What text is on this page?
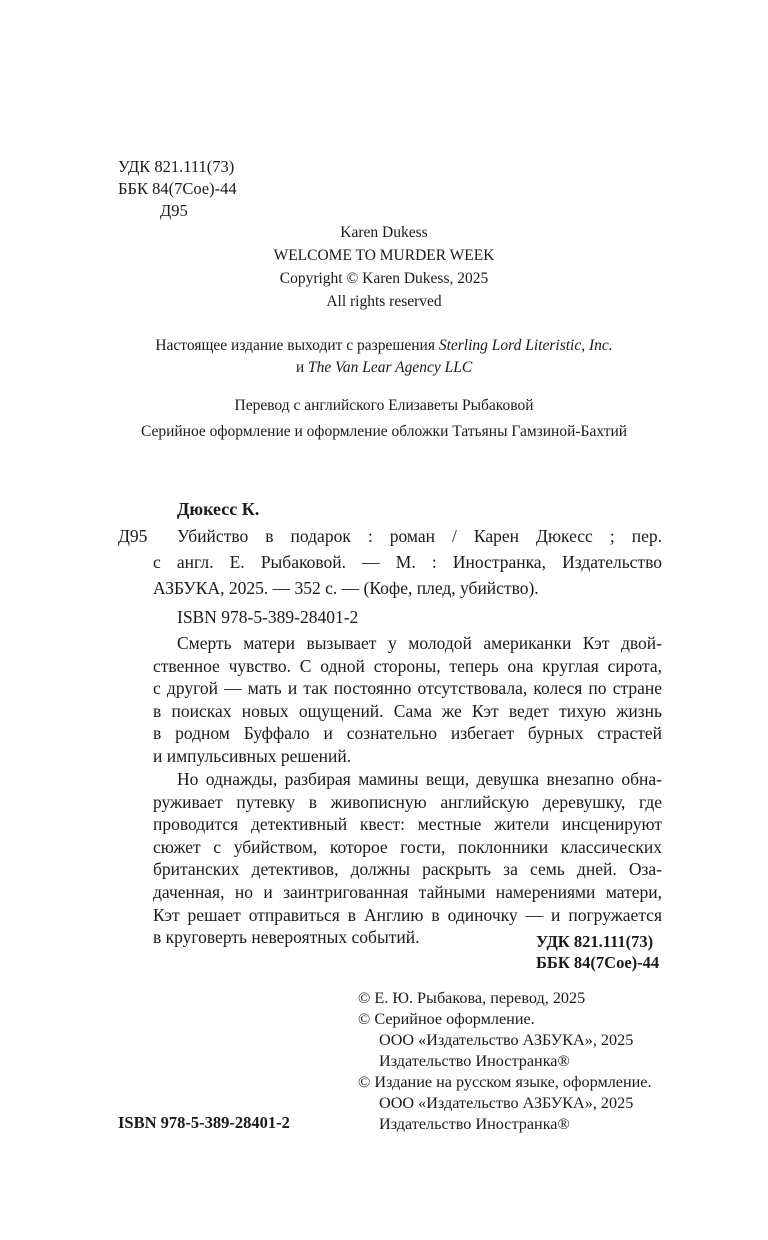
УДК 821.111(73)
ББК 84(7Сое)-44
Д95
Karen Dukess
WELCOME TO MURDER WEEK
Copyright © Karen Dukess, 2025
All rights reserved
Настоящее издание выходит с разрешения Sterling Lord Literistic, Inc.
и The Van Lear Agency LLC
Перевод с английского Елизаветы Рыбаковой
Серийное оформление и оформление обложки Татьяны Гамзиной-Бахтий
Дюкесс К.
Д95 Убийство в подарок : роман / Карен Дюкесс ; пер.
с англ. Е. Рыбаковой. — М. : Иностранка, Издательство
АЗБУКА, 2025. — 352 с. — (Кофе, плед, убийство).
ISBN 978-5-389-28401-2
Смерть матери вызывает у молодой американки Кэт двой-
ственное чувство. С одной стороны, теперь она круглая сирота,
с другой — мать и так постоянно отсутствовала, колеся по стране
в поисках новых ощущений. Сама же Кэт ведет тихую жизнь
в родном Буффало и сознательно избегает бурных страстей
и импульсивных решений.
Но однажды, разбирая мамины вещи, девушка внезапно обна-
руживает путевку в живописную английскую деревушку, где
проводится детективный квест: местные жители инсценируют
сюжет с убийством, которое гости, поклонники классических
британских детективов, должны раскрыть за семь дней. Оза-
даченная, но и заинтригованная тайными намерениями матери,
Кэт решает отправиться в Англию в одиночку — и погружается
в круговерть невероятных событий.	УДК 821.111(73)
ББК 84(7Сое)-44
© Е. Ю. Рыбакова, перевод, 2025
© Серийное оформление.
ООО «Издательство АЗБУКА», 2025
Издательство Иностранка®
© Издание на русском языке, оформление.
ООО «Издательство АЗБУКА», 2025
Издательство Иностранка®
ISBN 978-5-389-28401-2
